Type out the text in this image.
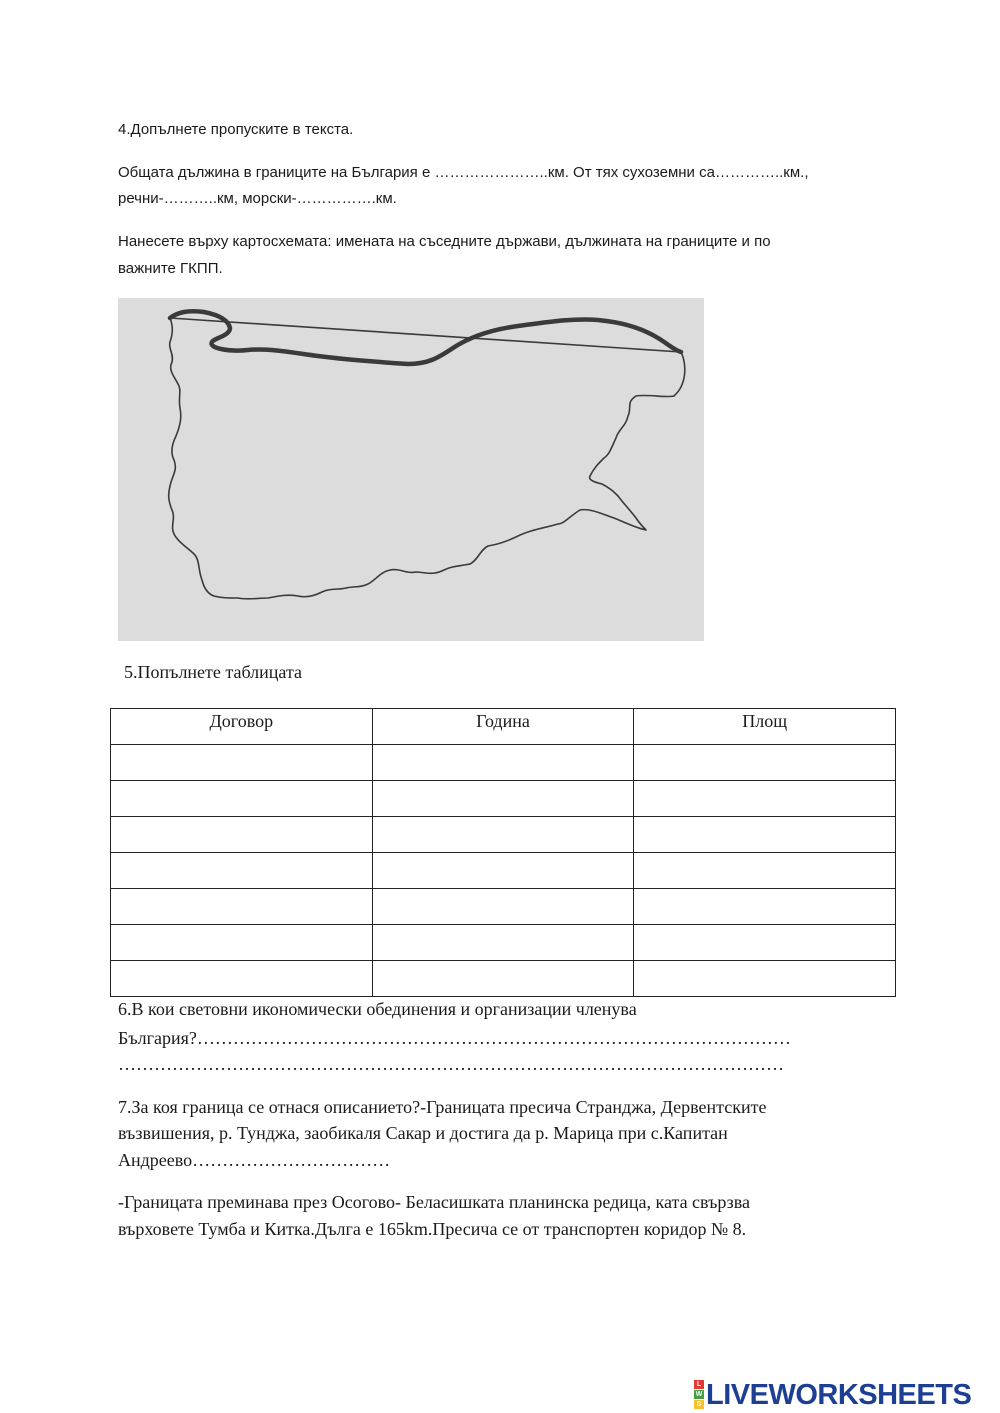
4.Допълнете пропуските в текста.
Общата дължина в границите на България е …………………..км. От тях сухоземни са…………..км.,
речни-………..км, морски-…………….км.
Нанесете върху картосхемата: имената на съседните държави, дължината на границите и по
важните ГКПП.
5.Попълнете таблицата
Договор	Година	Площ

6.В кои световни икономически обединения и организации членува
България?………………………………………………………………………………………
…………………………………………………………………………………………………
7.За коя граница се отнася описанието?-Границата пресича Странджа, Дервентските
възвишения, р. Тунджа, заобикаля Сакар и достига да р. Марица при с.Капитан
Андреево……………………………
-Границата преминава през Осогово- Беласишката планинска редица, ката свързва
върховете Тумба и Китка.Дълга е 165km.Пресича се от транспортен коридор № 8.
L
W
S LIVEWORKSHEETS
